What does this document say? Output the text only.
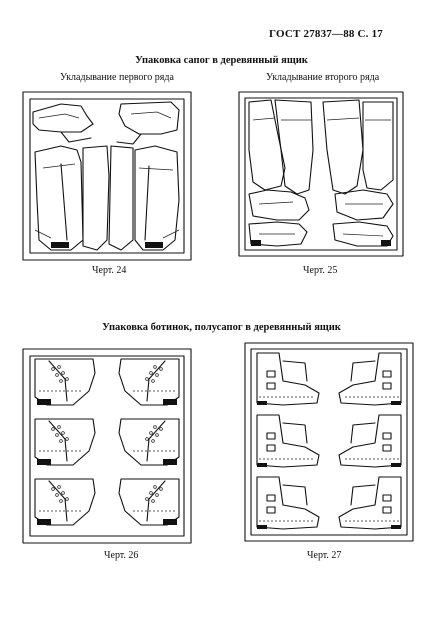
ГОСТ 27837—88 С. 17
Упаковка сапог в деревянный ящик
Укладывание первого ряда	Укладывание второго ряда
Черт. 24	Черт. 25
Упаковка ботинок, полусапог в деревянный ящик
Черт. 26	Черт. 27
